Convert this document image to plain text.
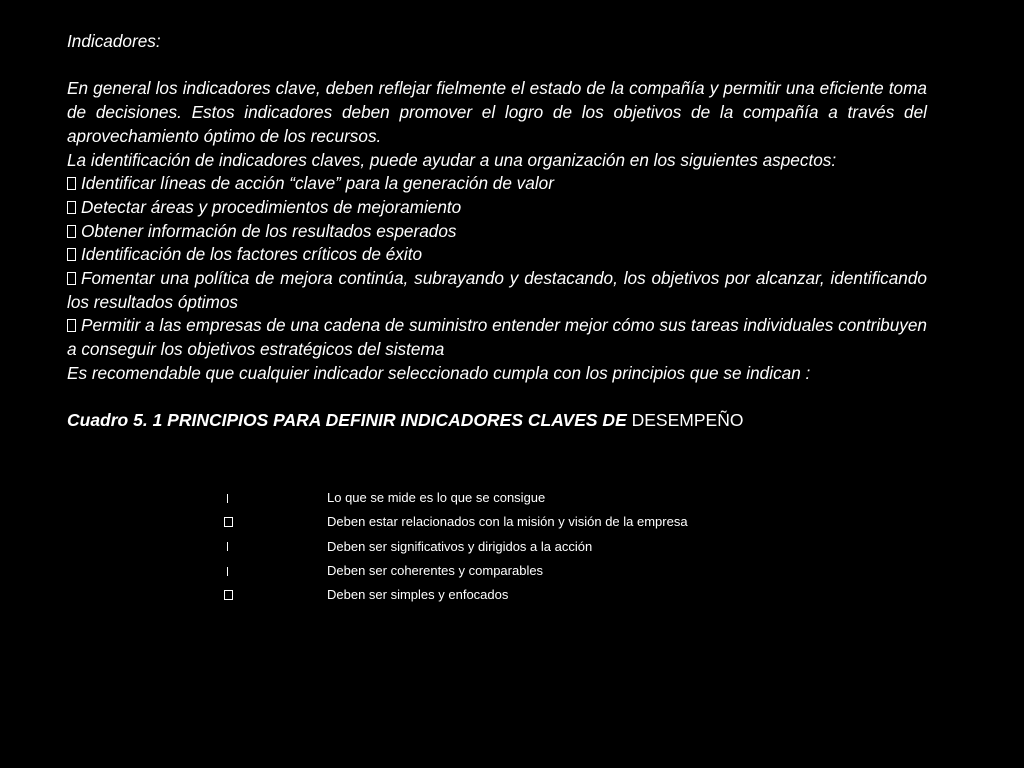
Indicadores:

En general los indicadores clave, deben reflejar fielmente el estado de la compañía y permitir una eficiente toma de decisiones. Estos indicadores deben promover el logro de los objetivos de la compañía a través del aprovechamiento óptimo de los recursos.

La identificación de indicadores claves, puede ayudar a una organización en los siguientes aspectos:

Identificar líneas de acción “clave” para la generación de valor

Detectar áreas y procedimientos de mejoramiento

Obtener información de los resultados esperados

Identificación de los factores críticos de éxito

Fomentar una política de mejora continúa, subrayando y destacando, los objetivos por alcanzar, identificando los resultados óptimos

Permitir a las empresas de una cadena de suministro entender mejor cómo sus tareas individuales contribuyen a conseguir los objetivos estratégicos del sistema

Es recomendable que cualquier indicador seleccionado cumpla con los principios que se indican :

Cuadro 5. 1 PRINCIPIOS PARA DEFINIR INDICADORES CLAVES DE DESEMPEÑO

Lo que se mide es lo que se consigue
Deben estar relacionados con la misión y visión de la empresa
Deben ser significativos y dirigidos a la acción
Deben ser coherentes y comparables
Deben ser simples y enfocados
